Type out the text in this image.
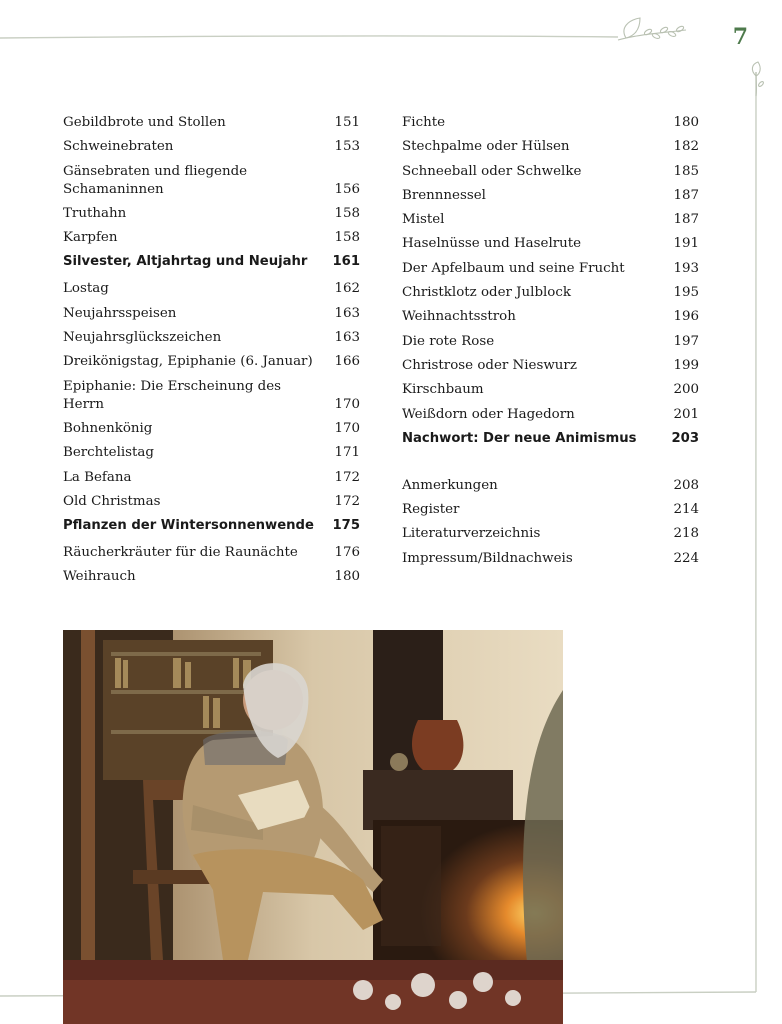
7
Gebildbrote und Stollen	151
Schweinebraten	153
Gänsebraten und fliegende Schamaninnen	156
Truthahn	158
Karpfen	158
Silvester, Altjahrtag und Neujahr	161
Lostag	162
Neujahrsspeisen	163
Neujahrsglückszeichen	163
Dreikönigstag, Epiphanie (6. Januar)	166
Epiphanie: Die Erscheinung des Herrn	170
Bohnenkönig	170
Berchtelistag	171
La Befana	172
Old Christmas	172
Pflanzen der Wintersonnenwende	175
Räucherkräuter für die Raunächte	176
Weihrauch	180
Fichte	180
Stechpalme oder Hülsen	182
Schneeball oder Schwelke	185
Brennnessel	187
Mistel	187
Haselnüsse und Haselrute	191
Der Apfelbaum und seine Frucht	193
Christklotz oder Julblock	195
Weihnachtsstroh	196
Die rote Rose	197
Christrose oder Nieswurz	199
Kirschbaum	200
Weißdorn oder Hagedorn	201
Nachwort: Der neue Animismus	203
Anmerkungen	208
Register	214
Literaturverzeichnis	218
Impressum/Bildnachweis	224
